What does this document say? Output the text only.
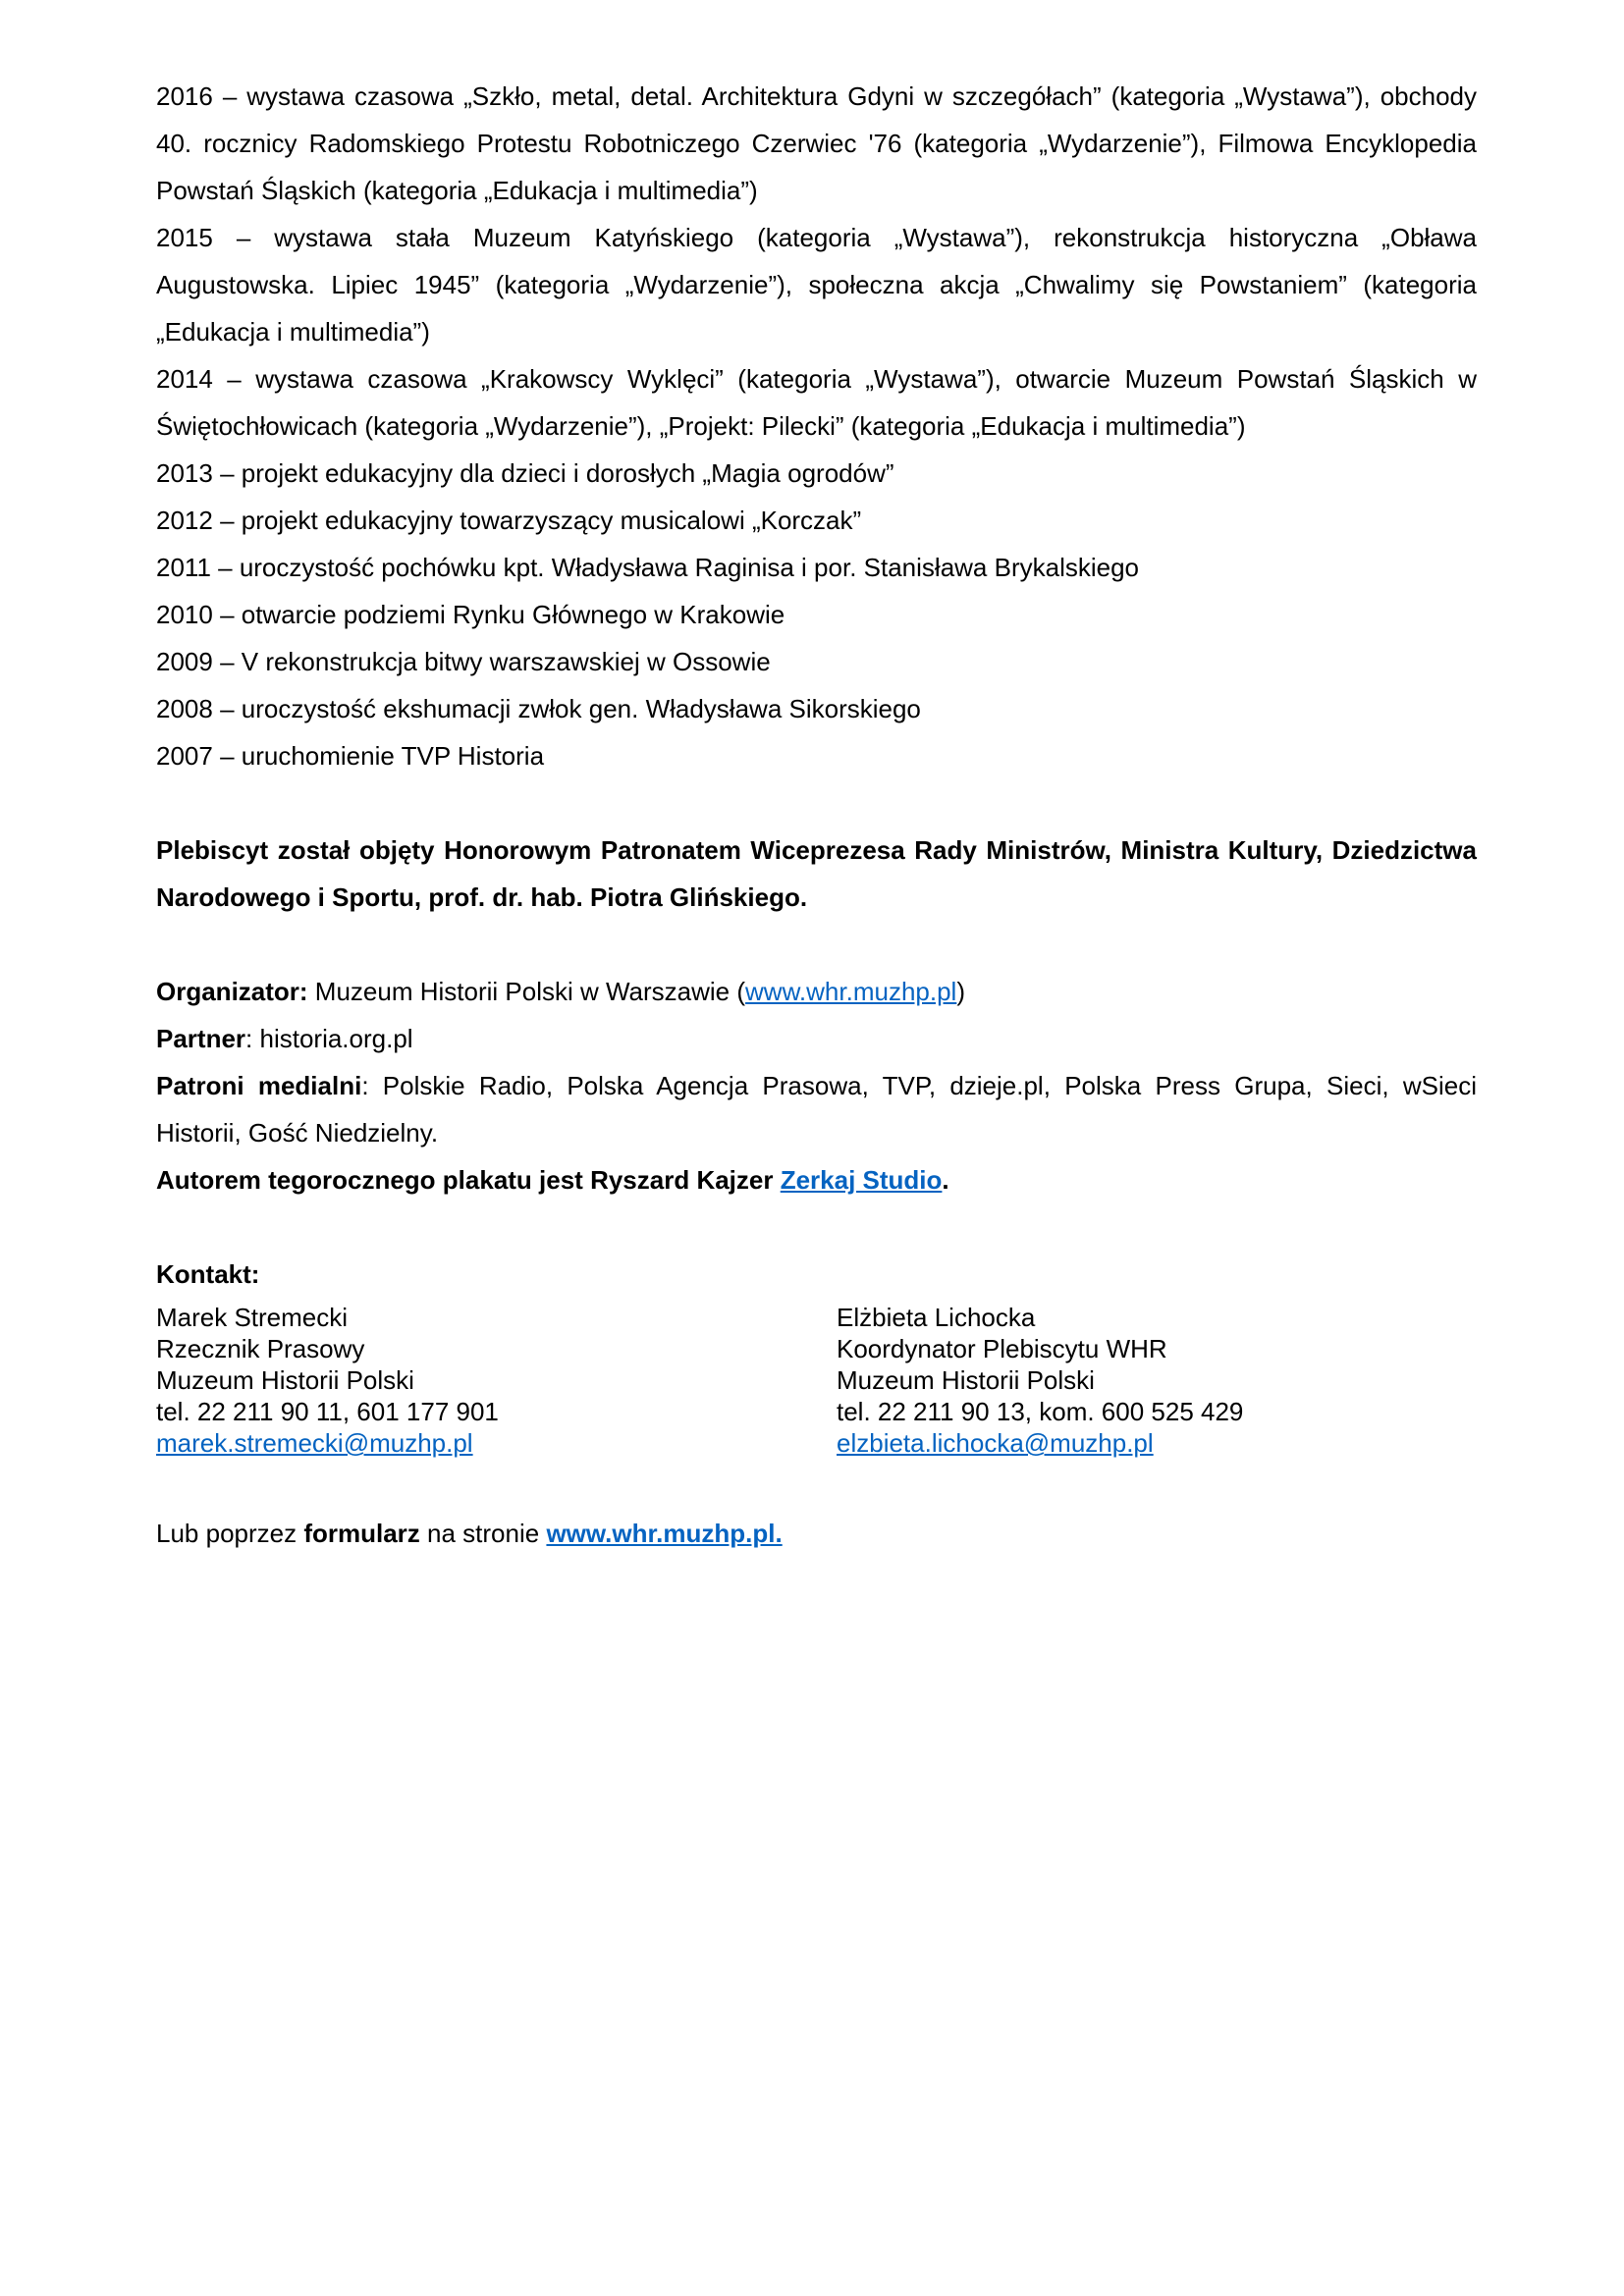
2016 – wystawa czasowa „Szkło, metal, detal. Architektura Gdyni w szczegółach” (kategoria „Wystawa”), obchody 40. rocznicy Radomskiego Protestu Robotniczego Czerwiec '76 (kategoria „Wydarzenie”), Filmowa Encyklopedia Powstań Śląskich (kategoria „Edukacja i multimedia”)

2015 – wystawa stała Muzeum Katyńskiego (kategoria „Wystawa”), rekonstrukcja historyczna „Obława Augustowska. Lipiec 1945” (kategoria „Wydarzenie”), społeczna akcja „Chwalimy się Powstaniem” (kategoria „Edukacja i multimedia”)

2014 – wystawa czasowa „Krakowscy Wyklęci” (kategoria „Wystawa”), otwarcie Muzeum Powstań Śląskich w Świętochłowicach (kategoria „Wydarzenie”), „Projekt: Pilecki” (kategoria „Edukacja i multimedia”)

2013 – projekt edukacyjny dla dzieci i dorosłych „Magia ogrodów”

2012 – projekt edukacyjny towarzyszący musicalowi „Korczak”

2011 – uroczystość pochówku kpt. Władysława Raginisa i por. Stanisława Brykalskiego

2010 – otwarcie podziemi Rynku Głównego w Krakowie

2009 – V rekonstrukcja bitwy warszawskiej w Ossowie

2008 – uroczystość ekshumacji zwłok gen. Władysława Sikorskiego

2007 – uruchomienie TVP Historia

Plebiscyt został objęty Honorowym Patronatem Wiceprezesa Rady Ministrów, Ministra Kultury, Dziedzictwa Narodowego i Sportu, prof. dr. hab. Piotra Glińskiego.

Organizator: Muzeum Historii Polski w Warszawie (www.whr.muzhp.pl)

Partner: historia.org.pl

Patroni medialni: Polskie Radio, Polska Agencja Prasowa, TVP, dzieje.pl, Polska Press Grupa, Sieci, wSieci Historii, Gość Niedzielny.

Autorem tegorocznego plakatu jest Ryszard Kajzer Zerkaj Studio.

Kontakt:

Marek Stremecki
Rzecznik Prasowy
Muzeum Historii Polski
tel. 22 211 90 11, 601 177 901
marek.stremecki@muzhp.pl
Elżbieta Lichocka
Koordynator Plebiscytu WHR
Muzeum Historii Polski
tel. 22 211 90 13, kom. 600 525 429
elzbieta.lichocka@muzhp.pl

Lub poprzez formularz na stronie www.whr.muzhp.pl.
